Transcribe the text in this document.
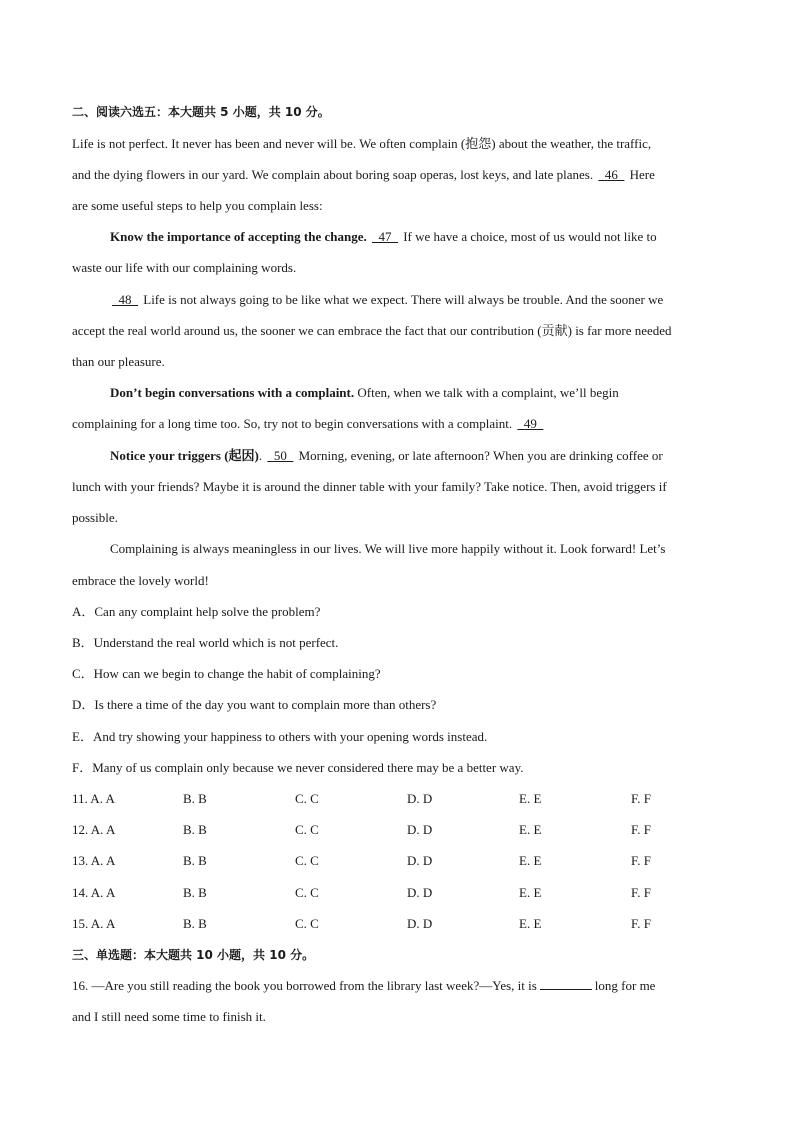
二、阅读六选五：本大题共 5 小题，共 10 分。
Life is not perfect. It never has been and never will be. We often complain (抱怨) about the weather, the traffic,
and the dying flowers in our yard. We complain about boring soap operas, lost keys, and late planes. 46 Here
are some useful steps to help you complain less:
Know the importance of accepting the change. 47 If we have a choice, most of us would not like to
waste our life with our complaining words.
48 Life is not always going to be like what we expect. There will always be trouble. And the sooner we
accept the real world around us, the sooner we can embrace the fact that our contribution (贡献) is far more needed
than our pleasure.
Don’t begin conversations with a complaint. Often, when we talk with a complaint, we’ll begin
complaining for a long time too. So, try not to begin conversations with a complaint. 49
Notice your triggers (起因). 50 Morning, evening, or late afternoon? When you are drinking coffee or
lunch with your friends? Maybe it is around the dinner table with your family? Take notice. Then, avoid triggers if
possible.
Complaining is always meaningless in our lives. We will live more happily without it. Look forward! Let’s
embrace the lovely world!
A．Can any complaint help solve the problem?
B．Understand the real world which is not perfect.
C．How can we begin to change the habit of complaining?
D．Is there a time of the day you want to complain more than others?
E．And try showing your happiness to others with your opening words instead.
F．Many of us complain only because we never considered there may be a better way.
11. A. A	B. B	C. C	D. D	E. E	F. F
12. A. A	B. B	C. C	D. D	E. E	F. F
13. A. A	B. B	C. C	D. D	E. E	F. F
14. A. A	B. B	C. C	D. D	E. E	F. F
15. A. A	B. B	C. C	D. D	E. E	F. F
三、单选题：本大题共 10 小题，共 10 分。
16. —Are you still reading the book you borrowed from the library last week?—Yes, it is	long for me
and I still need some time to finish it.
